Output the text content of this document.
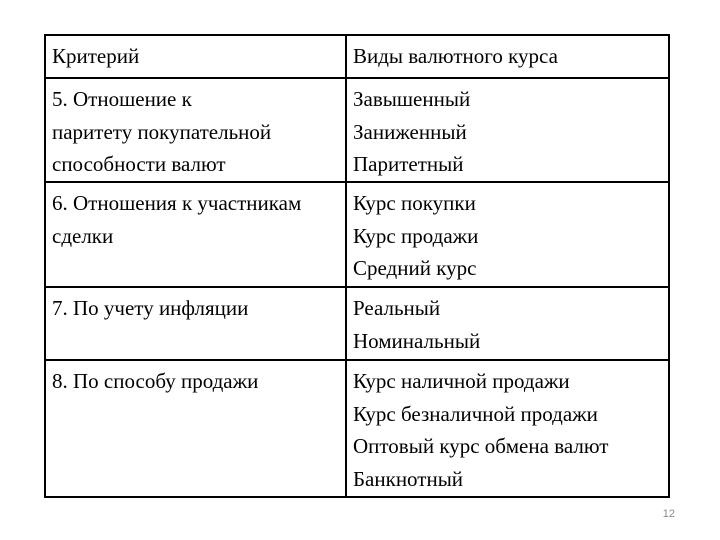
Критерий	Виды валютного курса

5. Отношение к
паритету покупательной
способности валют	Завышенный
Заниженный
Паритетный

6. Отношения к участникам
сделки	Курс покупки
Курс продажи
Средний курс

7. По учету инфляции	Реальный
Номинальный

8. По способу продажи	Курс наличной продажи
Курс безналичной продажи
Оптовый курс обмена валют
Банкнотный
12
